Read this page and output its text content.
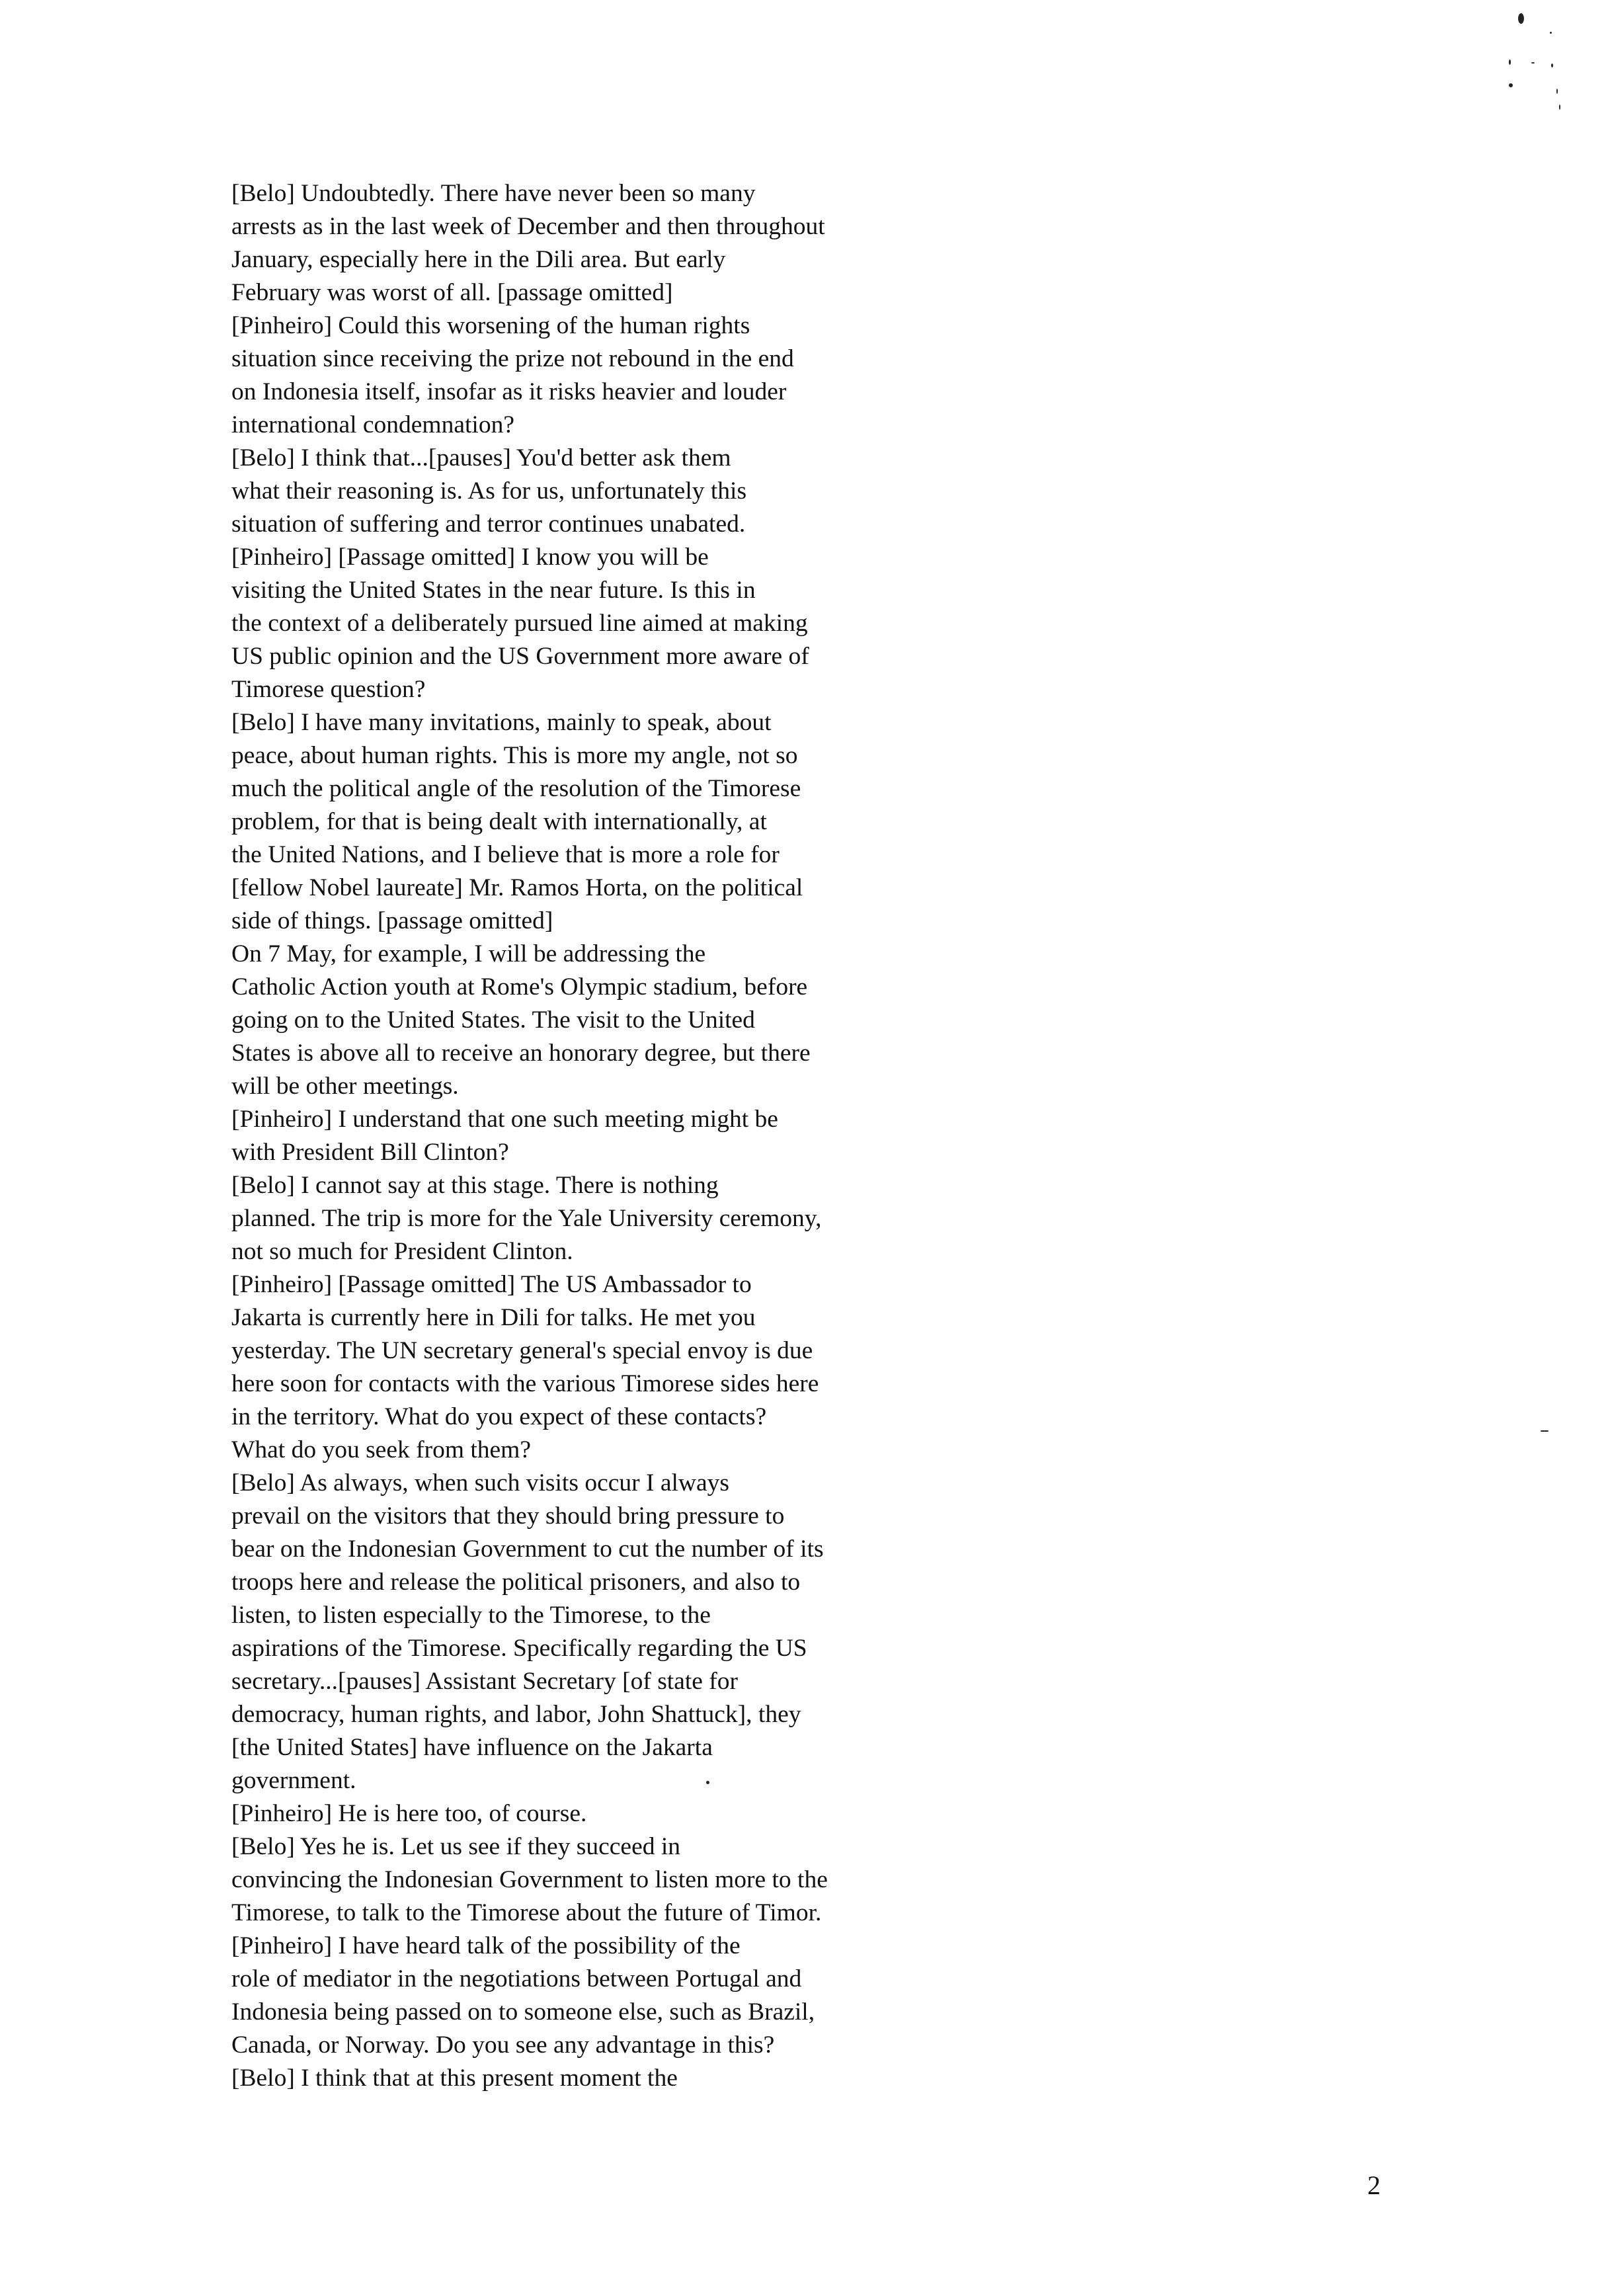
[Belo] Undoubtedly. There have never been so many
arrests as in the last week of December and then throughout
January, especially here in the Dili area. But early
February was worst of all. [passage omitted]
[Pinheiro] Could this worsening of the human rights
situation since receiving the prize not rebound in the end
on Indonesia itself, insofar as it risks heavier and louder
international condemnation?
[Belo] I think that...[pauses] You'd better ask them
what their reasoning is. As for us, unfortunately this
situation of suffering and terror continues unabated.
[Pinheiro] [Passage omitted] I know you will be
visiting the United States in the near future. Is this in
the context of a deliberately pursued line aimed at making
US public opinion and the US Government more aware of
Timorese question?
[Belo] I have many invitations, mainly to speak, about
peace, about human rights. This is more my angle, not so
much the political angle of the resolution of the Timorese
problem, for that is being dealt with internationally, at
the United Nations, and I believe that is more a role for
[fellow Nobel laureate] Mr. Ramos Horta, on the political
side of things. [passage omitted]
On 7 May, for example, I will be addressing the
Catholic Action youth at Rome's Olympic stadium, before
going on to the United States. The visit to the United
States is above all to receive an honorary degree, but there
will be other meetings.
[Pinheiro] I understand that one such meeting might be
with President Bill Clinton?
[Belo] I cannot say at this stage. There is nothing
planned. The trip is more for the Yale University ceremony,
not so much for President Clinton.
[Pinheiro] [Passage omitted] The US Ambassador to
Jakarta is currently here in Dili for talks. He met you
yesterday. The UN secretary general's special envoy is due
here soon for contacts with the various Timorese sides here
in the territory. What do you expect of these contacts?
What do you seek from them?
[Belo] As always, when such visits occur I always
prevail on the visitors that they should bring pressure to
bear on the Indonesian Government to cut the number of its
troops here and release the political prisoners, and also to
listen, to listen especially to the Timorese, to the
aspirations of the Timorese. Specifically regarding the US
secretary...[pauses] Assistant Secretary [of state for
democracy, human rights, and labor, John Shattuck], they
[the United States] have influence on the Jakarta
government.
[Pinheiro] He is here too, of course.
[Belo] Yes he is. Let us see if they succeed in
convincing the Indonesian Government to listen more to the
Timorese, to talk to the Timorese about the future of Timor.
[Pinheiro] I have heard talk of the possibility of the
role of mediator in the negotiations between Portugal and
Indonesia being passed on to someone else, such as Brazil,
Canada, or Norway. Do you see any advantage in this?
[Belo] I think that at this present moment the
2
